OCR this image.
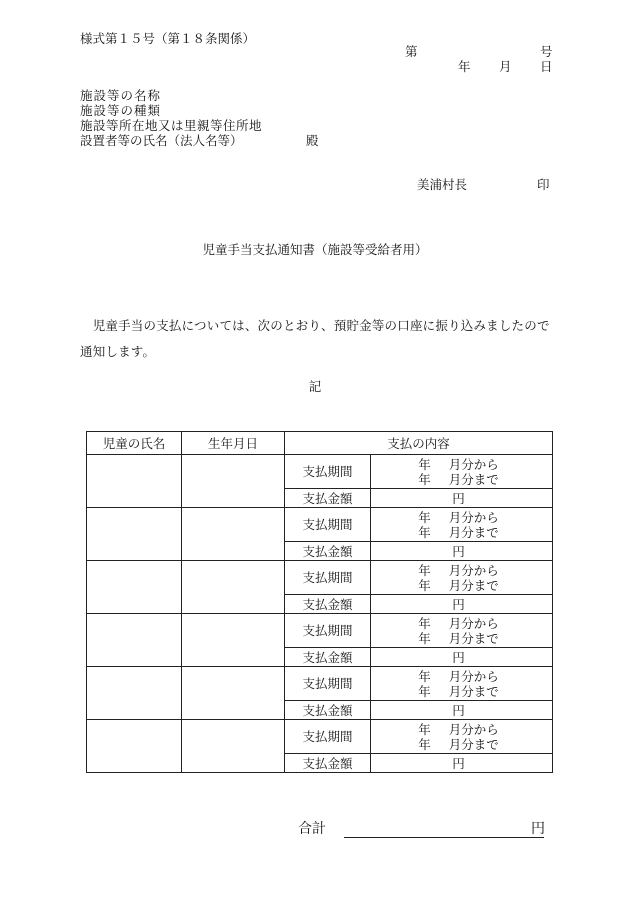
様式第１５号（第１８条関係）
第	号
年 月 日
施設等の名称
施設等の種類
施設等所在地又は里親等住所地
設置者等の氏名（法人名等）	殿
美浦村長	印
児童手当支払通知書（施設等受給者用）
　児童手当の支払については、次のとおり、預貯金等の口座に振り込みましたので通知します。
記
児童の氏名	生年月日	支払の内容	
		支払期間	年 月分から
年 月分まで

		支払金額	円
		支払期間	年 月分から
年 月分まで

		支払金額	円
		支払期間	年 月分から
年 月分まで

		支払金額	円
		支払期間	年 月分から
年 月分まで

		支払金額	円
		支払期間	年 月分から
年 月分まで

		支払金額	円
		支払期間	年 月分から
年 月分まで

		支払金額	円
合計	円
